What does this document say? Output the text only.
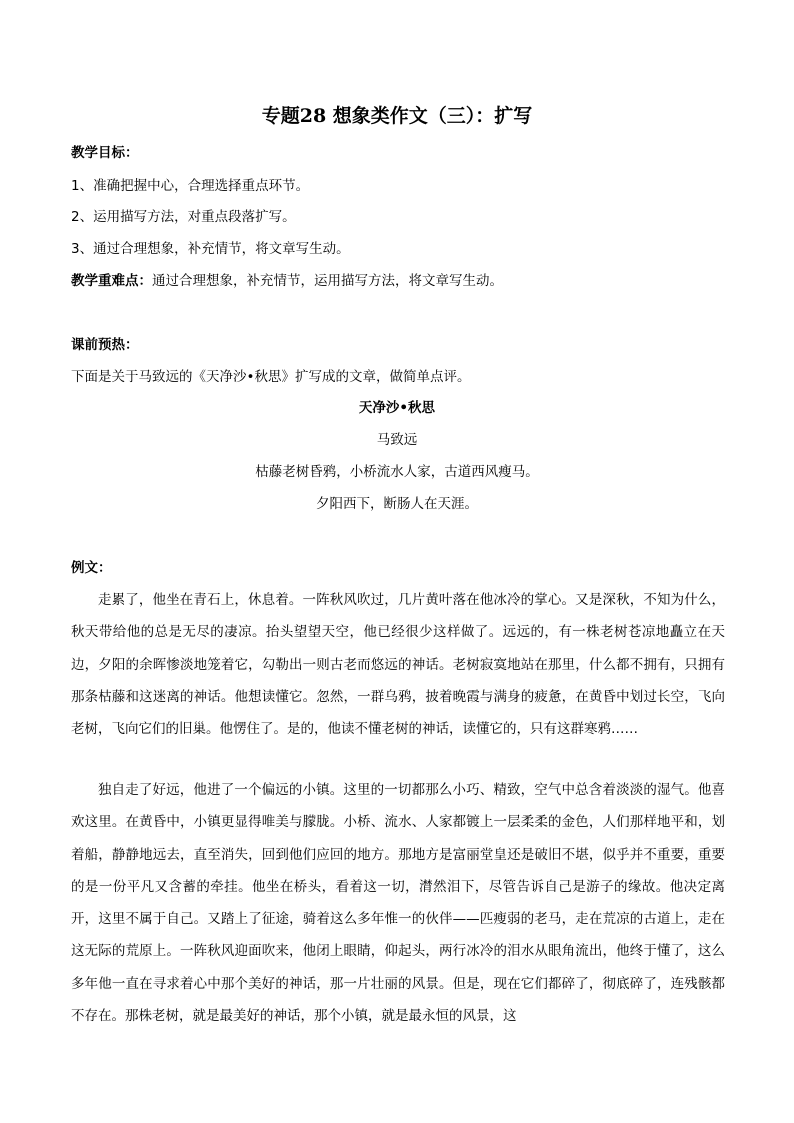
专题28 想象类作文（三）：扩写
教学目标：
1、准确把握中心，合理选择重点环节。
2、运用描写方法，对重点段落扩写。
3、通过合理想象，补充情节，将文章写生动。
教学重难点：通过合理想象，补充情节，运用描写方法，将文章写生动。
课前预热：
下面是关于马致远的《天净沙•秋思》扩写成的文章，做简单点评。
天净沙•秋思
马致远
枯藤老树昏鸦，小桥流水人家，古道西风瘦马。
夕阳西下，断肠人在天涯。
例文：

走累了，他坐在青石上，休息着。一阵秋风吹过，几片黄叶落在他冰冷的掌心。又是深秋，不知为什么，秋天带给他的总是无尽的凄凉。抬头望望天空，他已经很少这样做了。远远的，有一株老树苍凉地矗立在天边，夕阳的余晖惨淡地笼着它，勾勒出一则古老而悠远的神话。老树寂寞地站在那里，什么都不拥有，只拥有那条枯藤和这迷离的神话。他想读懂它。忽然，一群乌鸦，披着晚霞与满身的疲惫，在黄昏中划过长空，飞向老树，飞向它们的旧巢。他愣住了。是的，他读不懂老树的神话，读懂它的，只有这群寒鸦……

独自走了好远，他进了一个偏远的小镇。这里的一切都那么小巧、精致，空气中总含着淡淡的湿气。他喜欢这里。在黄昏中，小镇更显得唯美与朦胧。小桥、流水、人家都镀上一层柔柔的金色，人们那样地平和，划着船，静静地远去，直至消失，回到他们应回的地方。那地方是富丽堂皇还是破旧不堪，似乎并不重要，重要的是一份平凡又含蓄的牵挂。他坐在桥头，看着这一切，潸然泪下，尽管告诉自己是游子的缘故。他决定离开，这里不属于自己。又踏上了征途，骑着这么多年惟一的伙伴——匹瘦弱的老马，走在荒凉的古道上，走在这无际的荒原上。一阵秋风迎面吹来，他闭上眼睛，仰起头，两行冰冷的泪水从眼角流出，他终于懂了，这么多年他一直在寻求着心中那个美好的神话，那一片壮丽的风景。但是，现在它们都碎了，彻底碎了，连残骸都不存在。那株老树，就是最美好的神话，那个小镇，就是最永恒的风景，这
